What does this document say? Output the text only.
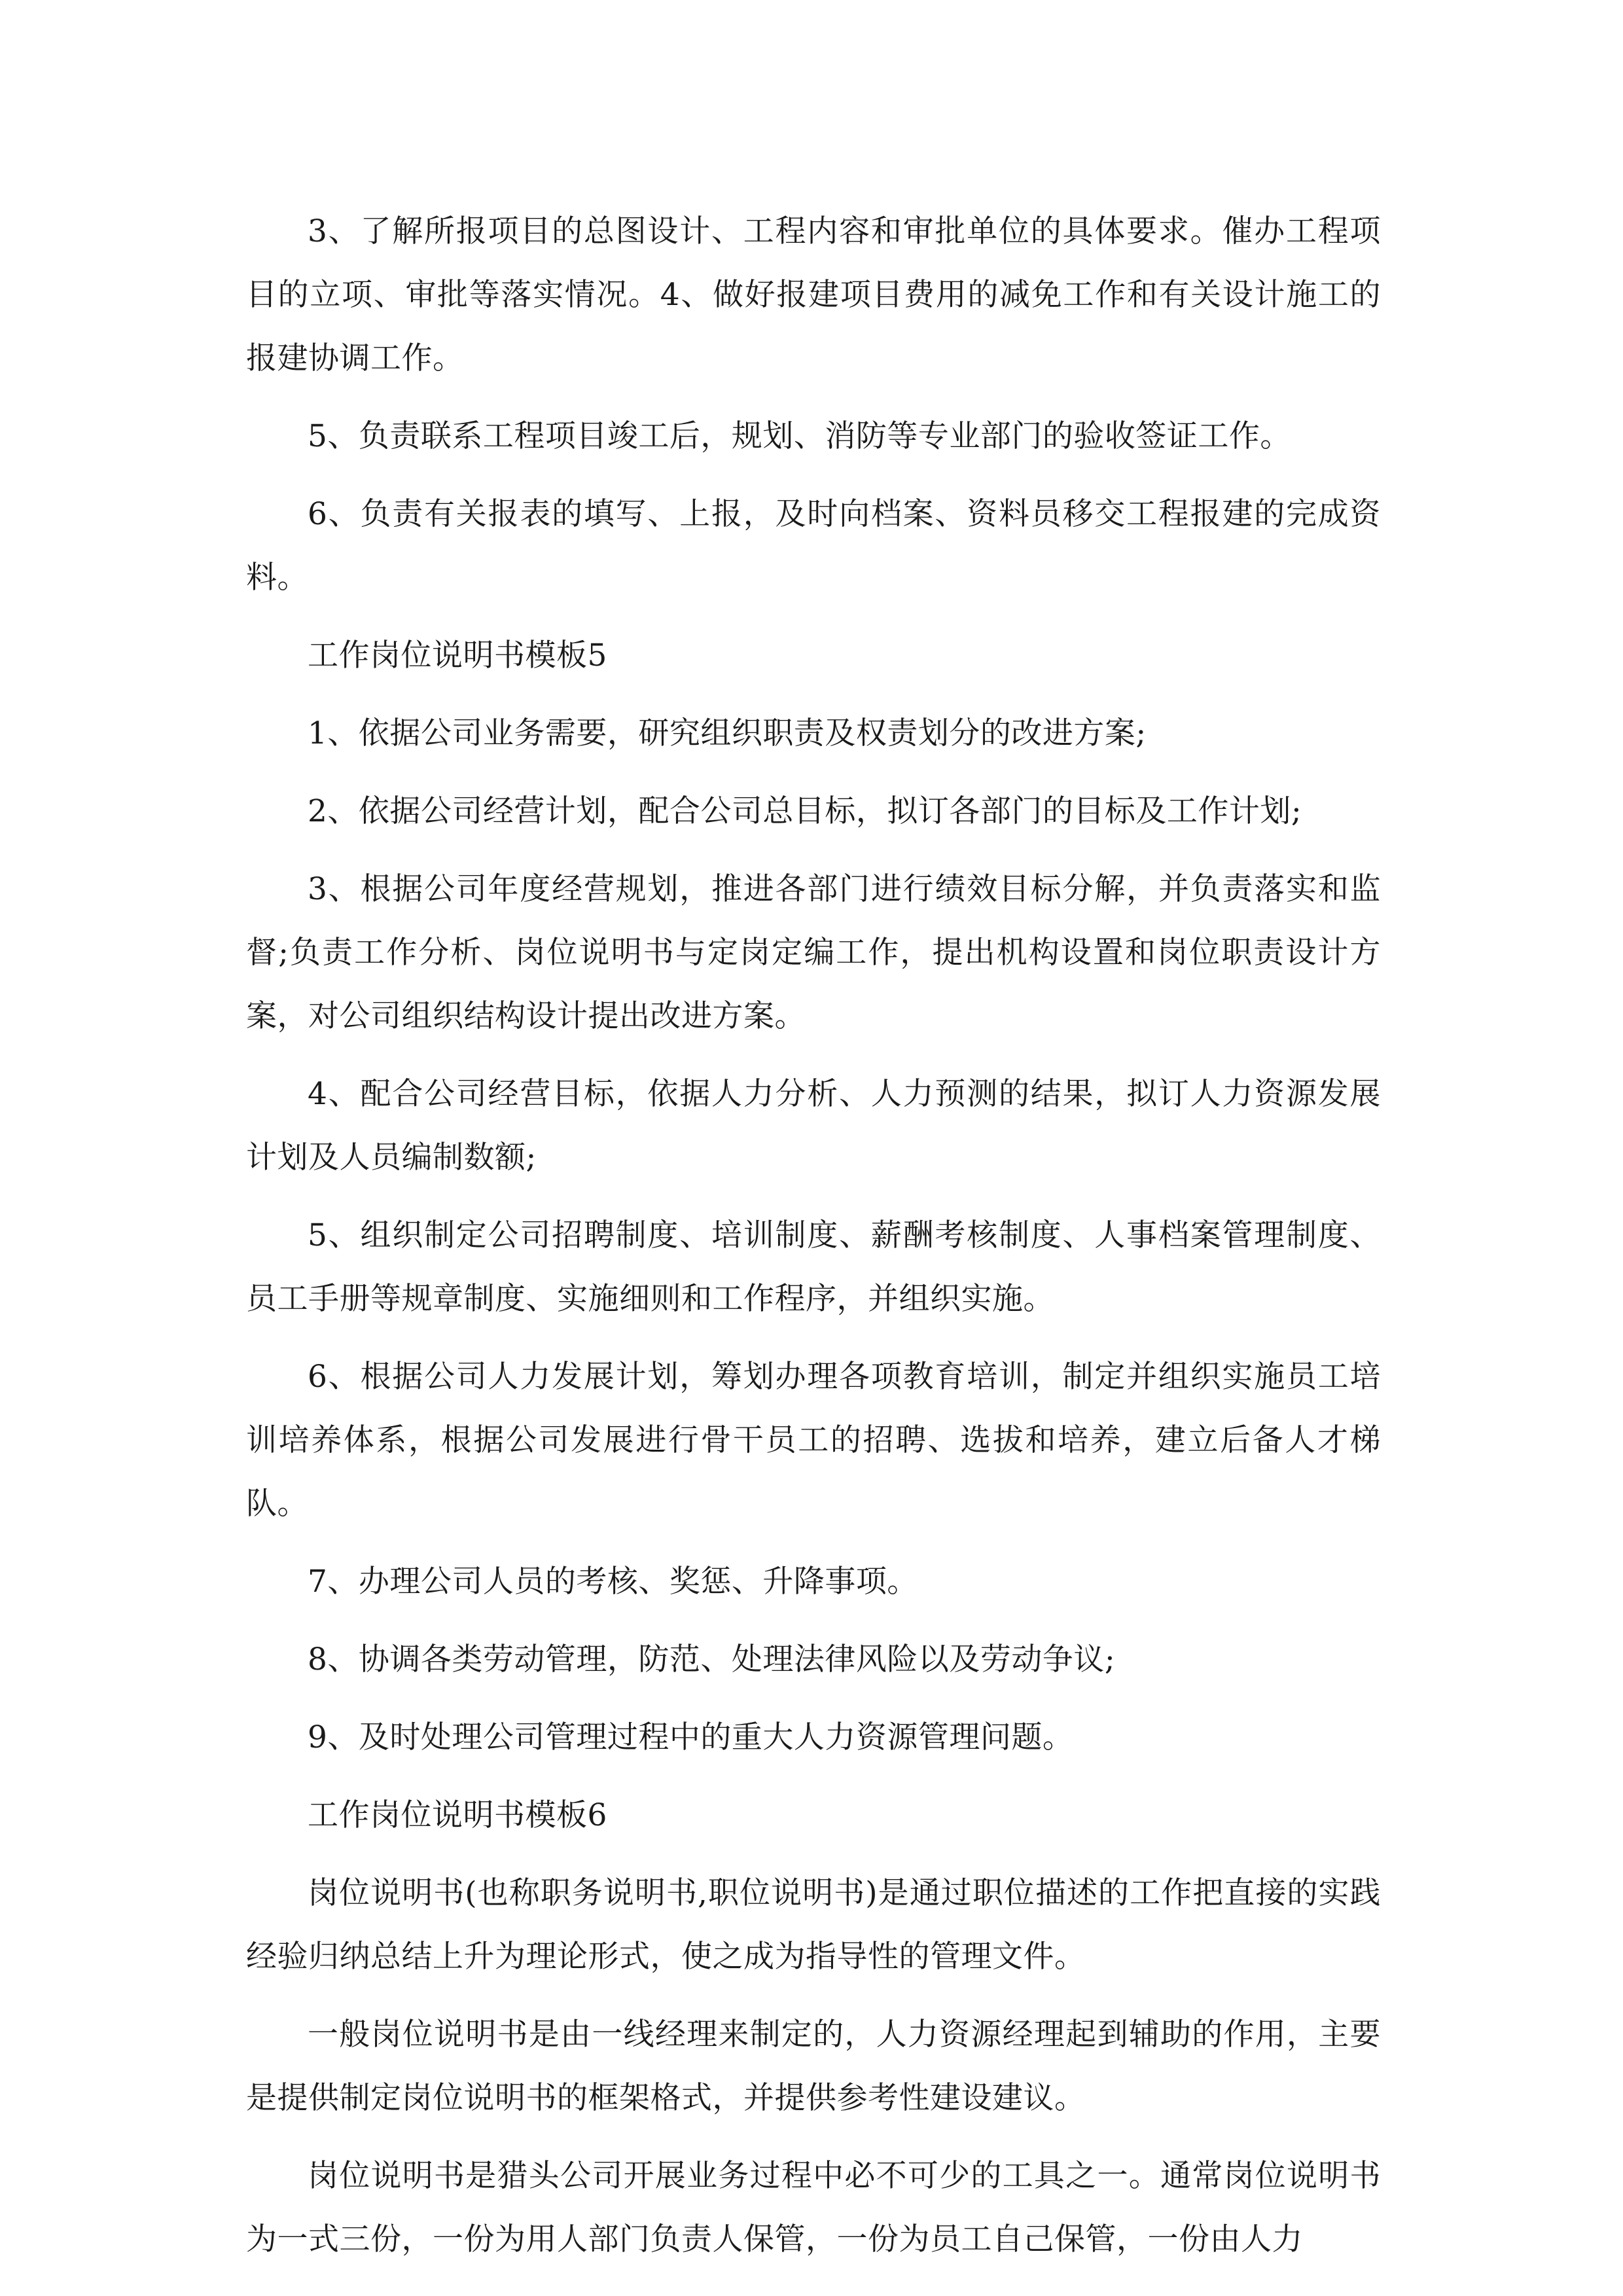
3、了解所报项目的总图设计、工程内容和审批单位的具体要求。催办工程项目的立项、审批等落实情况。4、做好报建项目费用的减免工作和有关设计施工的报建协调工作。

5、负责联系工程项目竣工后，规划、消防等专业部门的验收签证工作。

6、负责有关报表的填写、上报，及时向档案、资料员移交工程报建的完成资料。

工作岗位说明书模板5

1、依据公司业务需要，研究组织职责及权责划分的改进方案;

2、依据公司经营计划，配合公司总目标，拟订各部门的目标及工作计划;

3、根据公司年度经营规划，推进各部门进行绩效目标分解，并负责落实和监督;负责工作分析、岗位说明书与定岗定编工作，提出机构设置和岗位职责设计方案，对公司组织结构设计提出改进方案。

4、配合公司经营目标，依据人力分析、人力预测的结果，拟订人力资源发展计划及人员编制数额;

5、组织制定公司招聘制度、培训制度、薪酬考核制度、人事档案管理制度、员工手册等规章制度、实施细则和工作程序，并组织实施。

6、根据公司人力发展计划，筹划办理各项教育培训，制定并组织实施员工培训培养体系，根据公司发展进行骨干员工的招聘、选拔和培养，建立后备人才梯队。

7、办理公司人员的考核、奖惩、升降事项。

8、协调各类劳动管理，防范、处理法律风险以及劳动争议;

9、及时处理公司管理过程中的重大人力资源管理问题。

工作岗位说明书模板6

岗位说明书(也称职务说明书,职位说明书)是通过职位描述的工作把直接的实践经验归纳总结上升为理论形式，使之成为指导性的管理文件。

一般岗位说明书是由一线经理来制定的，人力资源经理起到辅助的作用，主要是提供制定岗位说明书的框架格式，并提供参考性建设建议。

岗位说明书是猎头公司开展业务过程中必不可少的工具之一。通常岗位说明书为一式三份，一份为用人部门负责人保管，一份为员工自己保管，一份由人力
